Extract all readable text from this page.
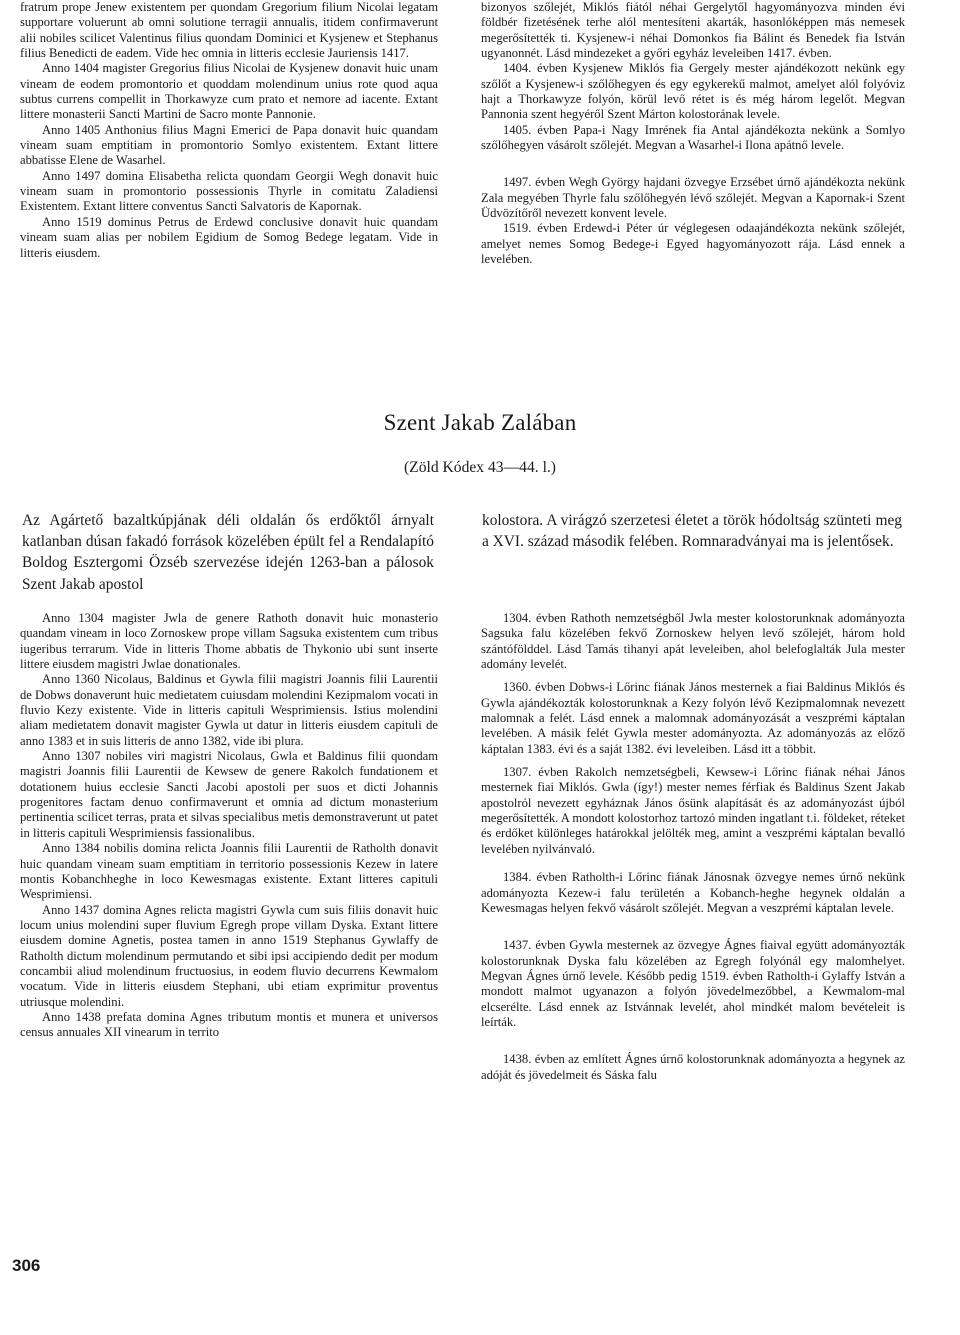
fratrum prope Jenew existentem per quondam Gregorium filium Nicolai legatam supportare voluerunt ab omni solutione terragii annualis, itidem confirmaverunt alii nobiles scilicet Valentinus filius quondam Dominici et Kysjenew et Stephanus filius Benedicti de eadem. Vide hec omnia in litteris ecclesie Jauriensis 1417.

Anno 1404 magister Gregorius filius Nicolai de Kysjenew donavit huic unam vineam de eodem promontorio et quoddam molendinum unius rote quod aqua subtus currens compellit in Thorkawyze cum prato et nemore ad iacente. Extant littere monasterii Sancti Martini de Sacro monte Pannonie.

Anno 1405 Anthonius filius Magni Emerici de Papa donavit huic quandam vineam suam emptitiam in promontorio Somlyo existentem. Extant littere abbatisse Elene de Wasarhel.

Anno 1497 domina Elisabetha relicta quondam Georgii Wegh donavit huic vineam suam in promontorio possessionis Thyrle in comitatu Zaladiensi Existentem. Extant littere conventus Sancti Salvatoris de Kapornak.

Anno 1519 dominus Petrus de Erdewd conclusive donavit huic quandam vineam suam alias per nobilem Egidium de Somog Bedege legatam. Vide in litteris eiusdem.

bizonyos szőlejét, Miklós fiától néhai Gergelytől hagyományozva minden évi földbér fizetésének terhe alól mentesíteni akarták, hasonlóképpen más nemesek megerősítették ti. Kysjenew-i néhai Domonkos fia Bálint és Benedek fia István ugyanonnét. Lásd mindezeket a győri egyház leveleiben 1417. évben.

1404. évben Kysjenew Miklós fia Gergely mester ajándékozott nekünk egy szőlőt a Kysjenew-i szőlőhegyen és egy egykerekű malmot, amelyet alól folyóviz hajt a Thorkawyze folyón, körül levő rétet is és még három legelőt. Megvan Pannonia szent hegyéről Szent Márton kolostorának levele.

1405. évben Papa-i Nagy Imrének fia Antal ajándékozta nekünk a Somlyo szőlőhegyen vásárolt szőlejét. Megvan a Wasarhel-i Ilona apátnő levele.

1497. évben Wegh György hajdani özvegye Erzsébet úrnő ajándékozta nekünk Zala megyében Thyrle falu szőlőhegyén lévő szőlejét. Megvan a Kapornak-i Szent Üdvözítőről nevezett konvent levele.

1519. évben Erdewd-i Péter úr véglegesen odaajándékozta nekünk szőlejét, amelyet nemes Somog Bedege-i Egyed hagyományozott rája. Lásd ennek a levelében.

Szent Jakab Zalában
(Zöld Kódex 43—44. l.)
Az Agártető bazaltkúpjának déli oldalán ős erdőktől árnyalt katlanban dúsan fakadó források közelében épült fel a Rendalapító Boldog Esztergomi Özséb szervezése idején 1263-ban a pálosok Szent Jakab apostol
kolostora. A virágzó szerzetesi életet a török hódoltság szünteti meg a XVI. század második felében. Romnaradványai ma is jelentősek.

Anno 1304 magister Jwla de genere Rathoth donavit huic monasterio quandam vineam in loco Zornoskew prope villam Sagsuka existentem cum tribus iugeribus terrarum. Vide in litteris Thome abbatis de Thykonio ubi sunt inserte littere eiusdem magistri Jwlae donationales.

Anno 1360 Nicolaus, Baldinus et Gywla filii magistri Joannis filii Laurentii de Dobws donaverunt huic medietatem cuiusdam molendini Kezipmalom vocati in fluvio Kezy existente. Vide in litteris capituli Wesprimiensis. Istius molendini aliam medietatem donavit magister Gywla ut datur in litteris eiusdem capituli de anno 1383 et in suis litteris de anno 1382, vide ibi plura.

Anno 1307 nobiles viri magistri Nicolaus, Gwla et Baldinus filii quondam magistri Joannis filii Laurentii de Kewsew de genere Rakolch fundationem et dotationem huius ecclesie Sancti Jacobi apostoli per suos et dicti Johannis progenitores factam denuo confirmaverunt et omnia ad dictum monasterium pertinentia scilicet terras, prata et silvas specialibus metis demonstraverunt ut patet in litteris capituli Wesprimiensis fassionalibus.

Anno 1384 nobilis domina relicta Joannis filii Laurentii de Ratholth donavit huic quandam vineam suam emptitiam in territorio possessionis Kezew in latere montis Kobanchheghe in loco Kewesmagas existente. Extant litteres capituli Wesprimiensi.

Anno 1437 domina Agnes relicta magistri Gywla cum suis filiis donavit huic locum unius molendini super fluvium Egregh prope villam Dyska. Extant littere eiusdem domine Agnetis, postea tamen in anno 1519 Stephanus Gywlaffy de Ratholth dictum molendinum permutando et sibi ipsi accipiendo dedit per modum concambii aliud molendinum fructuosius, in eodem fluvio decurrens Kewmalom vocatum. Vide in litteris eiusdem Stephani, ubi etiam exprimitur proventus utriusque molendini.

Anno 1438 prefata domina Agnes tributum montis et munera et universos census annuales XII vinearum in territo

1304. évben Rathoth nemzetségből Jwla mester kolostorunknak adományozta Sagsuka falu közelében fekvő Zornoskew helyen levő szőlejét, három hold szántófölddel. Lásd Tamás tihanyi apát leveleiben, ahol belefoglalták Jula mester adomány levelét.

1360. évben Dobws-i Lőrinc fiának János mesternek a fiai Baldinus Miklós és Gywla ajándékozták kolostorunknak a Kezy folyón lévő Kezipmalomnak nevezett malomnak a felét. Lásd ennek a malomnak adományozását a veszprémi káptalan levelében. A másik felét Gywla mester adományozta. Az adományozás az előző káptalan 1383. évi és a saját 1382. évi leveleiben. Lásd itt a többit.

1307. évben Rakolch nemzetségbeli, Kewsew-i Lőrinc fiának néhai János mesternek fiai Miklós. Gwla (így!) mester nemes férfiak és Baldinus Szent Jakab apostolról nevezett egyháznak János ősünk alapítását és az adományozást újból megerősítették. A mondott kolostorhoz tartozó minden ingatlant t.i. földeket, réteket és erdőket különleges határokkal jelölték meg, amint a veszprémi káptalan bevalló levelében nyilvánvaló.

1384. évben Ratholth-i Lőrinc fiának Jánosnak özvegye nemes úrnő nekünk adományozta Kezew-i falu területén a Kobanch-heghe hegynek oldalán a Kewesmagas helyen fekvő vásárolt szőlejét. Megvan a veszprémi káptalan levele.

1437. évben Gywla mesternek az özvegye Ágnes fiaival együtt adományozták kolostorunknak Dyska falu közelében az Egregh folyónál egy malomhelyet. Megvan Ágnes úrnő levele. Később pedig 1519. évben Ratholth-i Gylaffy István a mondott malmot ugyanazon a folyón jövedelmezőbbel, a Kewmalom-mal elcserélte. Lásd ennek az Istvánnak levelét, ahol mindkét malom bevételeit is leírták.

1438. évben az említett Ágnes úrnő kolostorunknak adományozta a hegynek az adóját és jövedelmeit és Sáska falu

306
